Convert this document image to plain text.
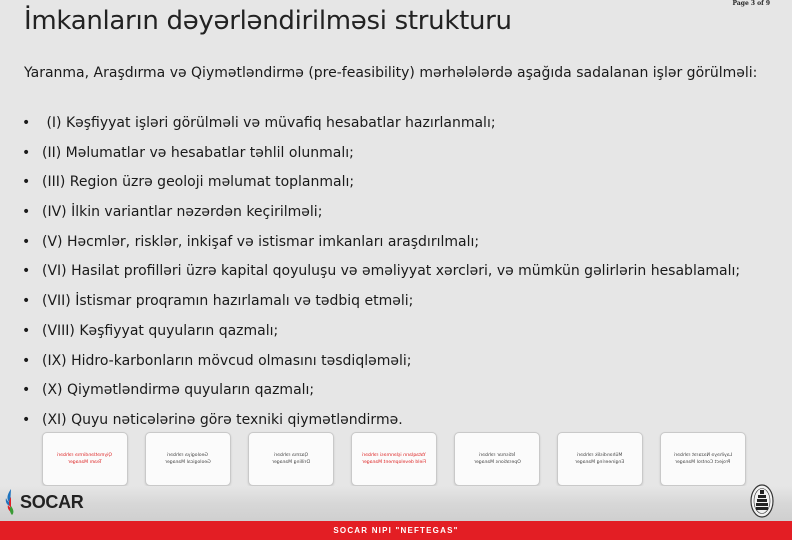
Page 3 of 9
İmkanların dəyərləndirilməsi strukturu
Yaranma, Araşdırma və Qiymətləndirmə (pre-feasibility) mərhələlərdə aşağıda sadalanan işlər görülməli:
• (I) Kəşfiyyat işləri görülməli və müvafiq hesabatlar hazırlanmalı;
• (II) Məlumatlar və hesabatlar təhlil olunmalı;
• (III) Region üzrə geoloji məlumat toplanmalı;
• (IV) İlkin variantlar nəzərdən keçirilməli;
• (V) Həcmlər, risklər, inkişaf və istismar imkanları araşdırılmalı;
• (VI) Hasilat profilləri üzrə kapital qoyuluşu və əməliyyat xərcləri, və mümkün gəlirlərin hesablamalı;
• (VII) İstismar proqramın hazırlamalı və tədbiq etməli;
• (VIII) Kəşfiyyat quyuların qazmalı;
• (IX) Hidro-karbonların mövcud olmasını təsdiqləməli;
• (X) Qiymətləndirmə quyuların qazmalı;
• (XI) Quyu nəticələrinə görə texniki qiymətləndirmə.
Qiymətləndirmə rəhbəri
Team Manager
Geologiya rəhbəri
Geological Manager
Qazma rəhbəri
Drilling Manager
Yataqların işlənməsi rəhbəri
Field development Manager
İstismar rəhbəri
Operations Manager
Mühəndislik rəhbəri
Engineering Manager
Layihəyə Nəzarət rəhbəri
Project Control Manager
SOCAR
SOCAR NIPI "NEFTEGAS"
